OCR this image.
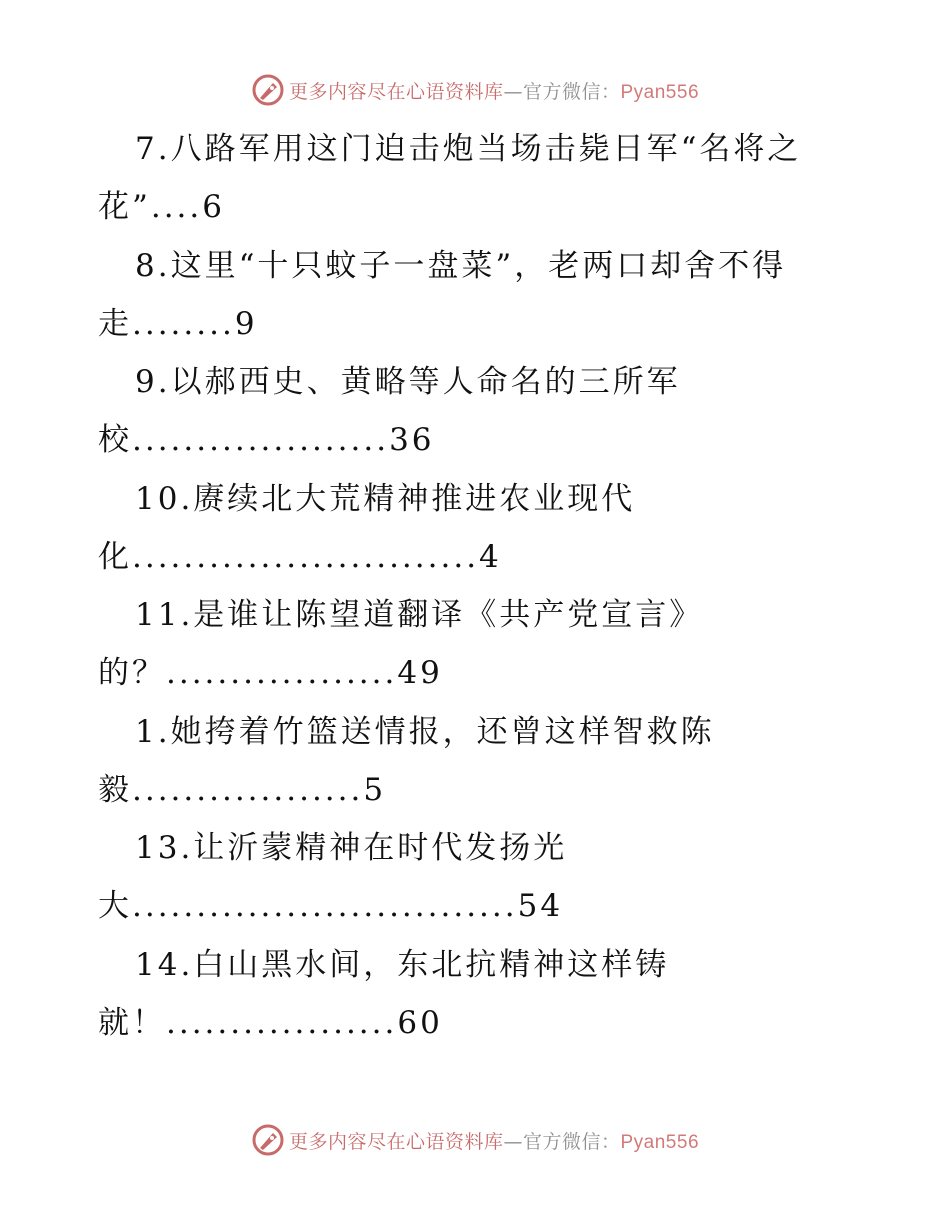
更多内容尽在心语资料库—官方微信：Pyan556
7.八路军用这门迫击炮当场击毙日军“名将之
花”....6
8.这里“十只蚊子一盘菜”，老两口却舍不得
走........9
9.以郝西史、黄略等人命名的三所军
校....................36
10.赓续北大荒精神推进农业现代
化...........................4
11.是谁让陈望道翻译《共产党宣言》
的？..................49
1.她挎着竹篮送情报，还曾这样智救陈
毅..................5
13.让沂蒙精神在时代发扬光
大..............................54
14.白山黑水间，东北抗精神这样铸
就！..................60
更多内容尽在心语资料库—官方微信：Pyan556
